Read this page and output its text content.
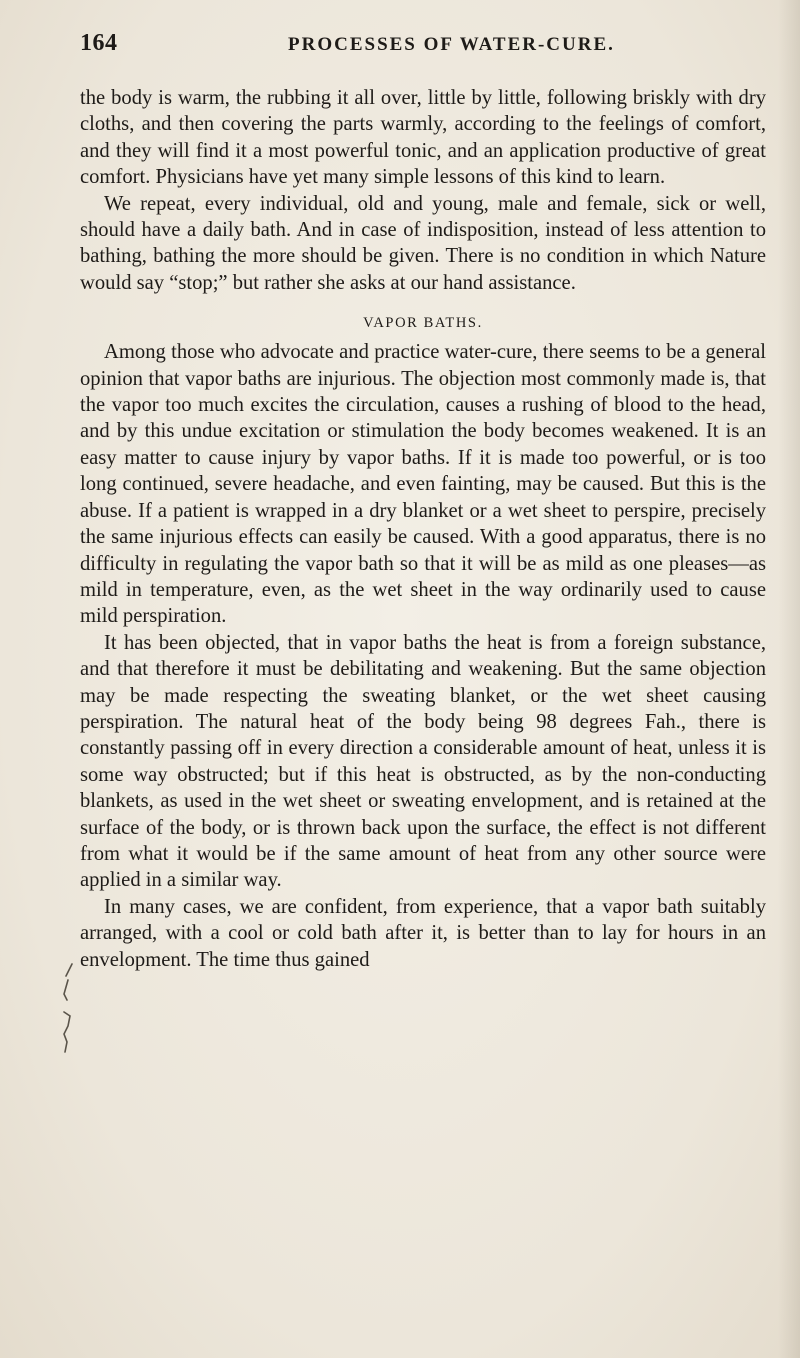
164	PROCESSES OF WATER-CURE.

the body is warm, the rubbing it all over, little by little, following briskly with dry cloths, and then covering the parts warmly, according to the feelings of comfort, and they will find it a most powerful tonic, and an application productive of great comfort. Physicians have yet many simple lessons of this kind to learn.

We repeat, every individual, old and young, male and female, sick or well, should have a daily bath. And in case of indisposition, instead of less attention to bathing, bathing the more should be given. There is no condition in which Nature would say “stop;” but rather she asks at our hand assistance.

VAPOR BATHS.

Among those who advocate and practice water-cure, there seems to be a general opinion that vapor baths are injurious. The objection most commonly made is, that the vapor too much excites the circulation, causes a rushing of blood to the head, and by this undue excitation or stimulation the body becomes weakened. It is an easy matter to cause injury by vapor baths. If it is made too powerful, or is too long continued, severe headache, and even fainting, may be caused. But this is the abuse. If a patient is wrapped in a dry blanket or a wet sheet to perspire, precisely the same injurious effects can easily be caused. With a good apparatus, there is no difficulty in regulating the vapor bath so that it will be as mild as one pleases—as mild in temperature, even, as the wet sheet in the way ordinarily used to cause mild perspiration.

It has been objected, that in vapor baths the heat is from a foreign substance, and that therefore it must be debilitating and weakening. But the same objection may be made respecting the sweating blanket, or the wet sheet causing perspiration. The natural heat of the body being 98 degrees Fah., there is constantly passing off in every direction a considerable amount of heat, unless it is some way obstructed; but if this heat is obstructed, as by the non-conducting blankets, as used in the wet sheet or sweating envelopment, and is retained at the surface of the body, or is thrown back upon the surface, the effect is not different from what it would be if the same amount of heat from any other source were applied in a similar way.

In many cases, we are confident, from experience, that a vapor bath suitably arranged, with a cool or cold bath after it, is better than to lay for hours in an envelopment. The time thus gained
